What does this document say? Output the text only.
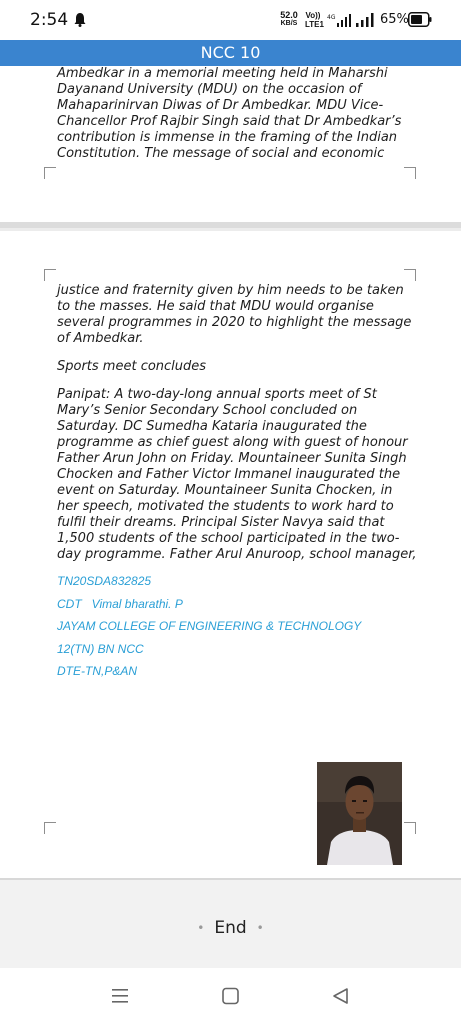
2:54	52.0
KB/S
Vo))
LTE1
4G	65%
NCC 10
Ambedkar in a memorial meeting held in Maharshi
Dayanand University (MDU) on the occasion of
Mahaparinirvan Diwas of Dr Ambedkar. MDU Vice-
Chancellor Prof Rajbir Singh said that Dr Ambedkar’s
contribution is immense in the framing of the Indian
Constitution. The message of social and economic
justice and fraternity given by him needs to be taken to the masses. He said that MDU would organise several programmes in 2020 to highlight the message of Ambedkar.
Sports meet concludes
Panipat: A two-day-long annual sports meet of St Mary’s Senior Secondary School concluded on Saturday. DC Sumedha Kataria inaugurated the programme as chief guest along with guest of honour Father Arun John on Friday. Mountaineer Sunita Singh Chocken and Father Victor Immanel inaugurated the event on Saturday. Mountaineer Sunita Chocken, in her speech, motivated the students to work hard to fulfil their dreams. Principal Sister Navya said that 1,500 students of the school participated in the two-day programme. Father Arul Anuroop, school manager,
TN20SDA832825
CDT   Vimal bharathi. P
JAYAM COLLEGE OF ENGINEERING & TECHNOLOGY
12(TN) BN NCC
DTE-TN,P&AN
• End •
